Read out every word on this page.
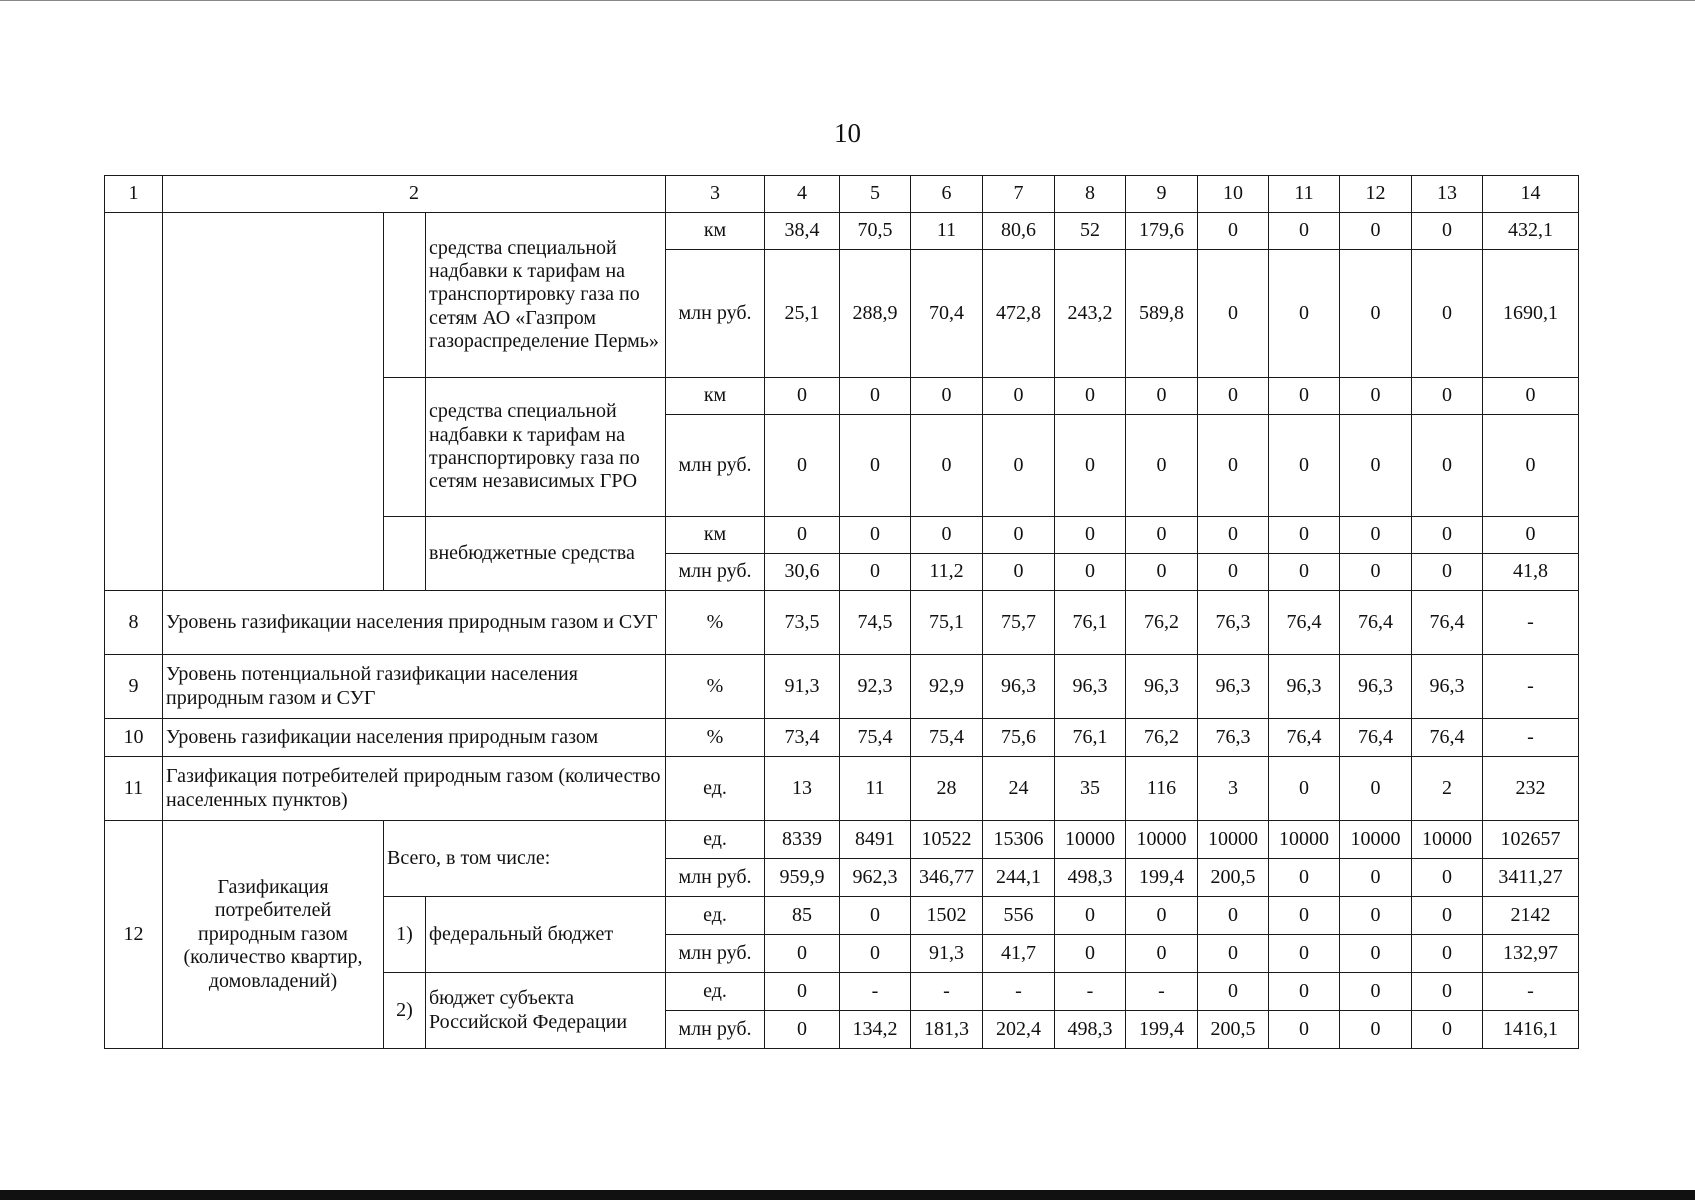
10
1	2			3	4	5	6	7	8	9	10	11	12	13	14
			средства специальной надбавки к тарифам на транспортировку газа по сетям АО «Газпром газораспределение Пермь»	км	38,4	70,5	11	80,6	52	179,6	0	0	0	0	432,1
				млн руб.	25,1	288,9	70,4	472,8	243,2	589,8	0	0	0	0	1690,1
			средства специальной надбавки к тарифам на транспортировку газа по сетям независимых ГРО	км	0	0	0	0	0	0	0	0	0	0	0
				млн руб.	0	0	0	0	0	0	0	0	0	0	0
			внебюджетные средства	км	0	0	0	0	0	0	0	0	0	0	0
				млн руб.	30,6	0	11,2	0	0	0	0	0	0	0	41,8
8	Уровень газификации населения природным газом и СУГ			%	73,5	74,5	75,1	75,7	76,1	76,2	76,3	76,4	76,4	76,4	-
9	Уровень потенциальной газификации населения природным газом и СУГ			%	91,3	92,3	92,9	96,3	96,3	96,3	96,3	96,3	96,3	96,3	-
10	Уровень газификации населения природным газом			%	73,4	75,4	75,4	75,6	76,1	76,2	76,3	76,4	76,4	76,4	-
11	Газификация потребителей природным газом (количество населенных пунктов)			ед.	13	11	28	24	35	116	3	0	0	2	232
12	Газификация потребителей природным газом (количество квартир, домовладений)	Всего, в том числе:		ед.	8339	8491	10522	15306	10000	10000	10000	10000	10000	10000	102657
				млн руб.	959,9	962,3	346,77	244,1	498,3	199,4	200,5	0	0	0	3411,27
		1)	федеральный бюджет	ед.	85	0	1502	556	0	0	0	0	0	0	2142
				млн руб.	0	0	91,3	41,7	0	0	0	0	0	0	132,97
		2)	бюджет субъекта Российской Федерации	ед.	0	-	-	-	-	-	0	0	0	0	-
				млн руб.	0	134,2	181,3	202,4	498,3	199,4	200,5	0	0	0	1416,1
